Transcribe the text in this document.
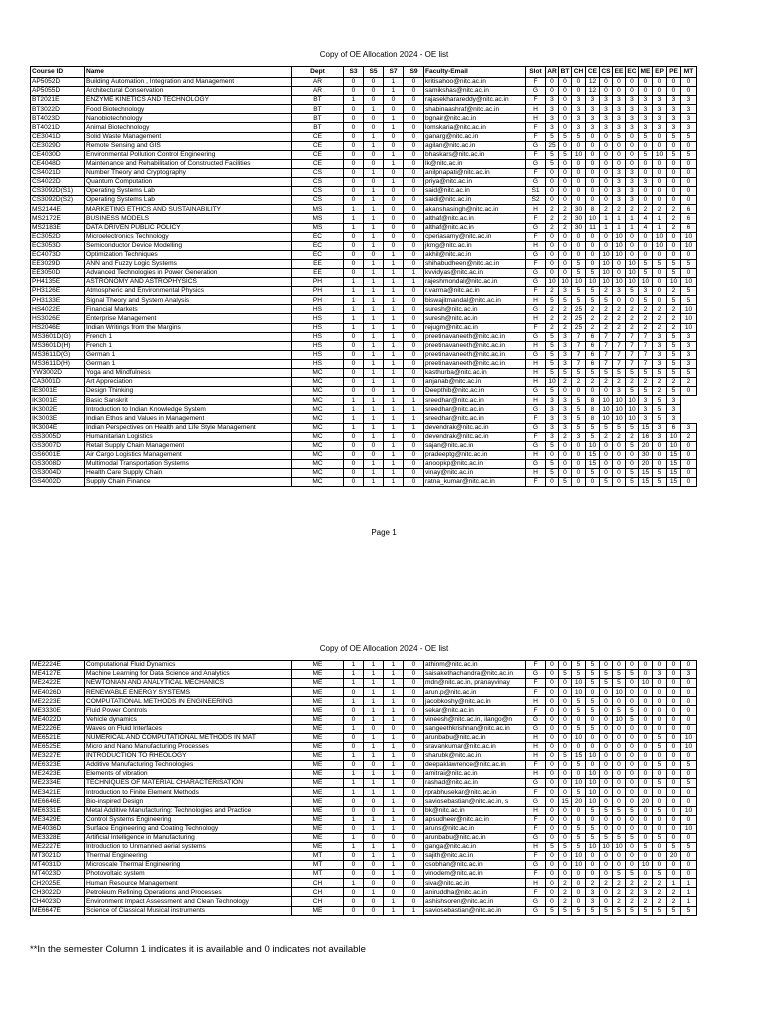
Copy of OE Allocation 2024 - OE list
Course ID	Name	Dept	S3	S5	S7	S9	Faculty-Email	Slot	AR	BT	CH	CE	CS	EE	EC	ME	EP	PE	MT
AP5052D	Building Automation , Integration and Management	AR	0	0	1	0	kritisahoo@nitc.ac.in	F	0	0	0	12	0	0	0	0	0	0	0
AP5055D	Architectural Conservation	AR	0	0	1	0	samikshas@nitc.ac.in	G	0	0	0	12	0	0	0	0	0	0	0
BT2021E	ENZYME KINETICS AND TECHNOLOGY	BT	1	0	0	0	rajasekharareddy@nitc.ac.in	F	3	0	3	3	3	3	3	3	3	3	3
BT3022D	Food Biotechnology	BT	0	1	0	0	shabinaashraf@nitc.ac.in	H	3	0	3	3	3	3	3	3	3	3	3
BT4023D	Nanobiotechnology	BT	0	0	1	0	bgnair@nitc.ac.in	H	3	0	3	3	3	3	3	3	3	3	3
BT4021D	Animal Biotechnology	BT	0	0	1	0	lomskaria@nitc.ac.in	F	3	0	3	3	3	3	3	3	3	3	3
CE3041D	Solid Waste Management	CE	0	1	0	0	ganarg@nitc.ac.in	F	5	5	5	0	0	5	0	5	0	5	5
CE3029D	Remote Sensing and GIS	CE	0	1	0	0	agilan@nitc.ac.in	G	25	0	0	0	0	0	0	0	0	0	0
CE4030D	Environmental Pollution Control Engineering	CE	0	0	1	0	bhaskars@nitc.ac.in	F	5	5	10	0	0	0	0	5	10	5	5
CE4048D	Maintenance and Rehabilitation of Constructed Facilities	CE	0	0	1	0	lk@nitc.ac.in	G	5	0	0	0	0	0	0	0	0	0	0
CS4021D	Number Theory and Cryptography	CS	0	1	0	0	anilpnapati@nitc.ac.in	F	0	0	0	0	0	3	3	0	0	0	0
CS4022D	Quantum Computation	CS	0	0	1	0	priya@nitc.ac.in	G	0	0	0	0	0	3	3	3	0	0	0
CS3092D(S1)	Operating Systems Lab	CS	0	1	0	0	said@nitc.ac.in	S1	0	0	0	0	0	3	3	0	0	0	0
CS3092D(S2)	Operating Systems Lab	CS	0	1	0	0	saidi@nitc.ac.in	S2	0	0	0	0	0	3	3	0	0	0	0
MS2144E	MARKETING ETHICS AND SUSTAINABILITY	MS	1	1	0	0	akanshasingh@nitc.ac.in	H	2	2	30	8	2	2	2	2	2	2	6
MS2172E	BUSINESS MODELS	MS	1	1	0	0	althaf@nitc.ac.in	F	2	2	30	10	1	1	1	4	1	2	6
MS2183E	DATA DRIVEN PUBLIC POLICY	MS	1	1	0	0	althaf@nitc.ac.in	G	2	2	30	11	1	1	1	4	1	2	6
EC3052D	Microelectronics Technology	EC	0	1	0	0	cperiasamy@nitc.ac.in	F	0	0	0	0	0	10	0	0	10	0	10
EC3053D	Semiconductor Device Modelling	EC	0	1	0	0	jkmg@nitc.ac.in	H	0	0	0	0	0	10	0	0	10	0	10
EC4073D	Optimization Techniques	EC	0	0	1	0	akhil@nitc.ac.in	G	0	0	0	0	10	10	0	0	0	0	0
EE3029D	ANN and Fuzzy Logic Systems	EE	0	1	1	0	shihabudheen@nitc.ac.in	F	0	0	5	0	10	0	10	5	5	5	5
EE3050D	Advanced Technologies in Power Generation	EE	0	1	1	1	kvvidyas@nitc.ac.in	G	0	0	5	5	10	0	10	5	0	5	0
PH4135E	ASTRONOMY AND ASTROPHYSICS	PH	1	1	1	1	rajeshmondal@nitc.ac.in	G	10	10	10	10	10	10	10	10	0	10	10
PH3126E	Atmospheric and Environmental Physics	PH	1	1	1	0	r.varma@nitc.ac.in	F	2	3	5	5	2	3	5	3	0	2	5
PH3133E	Signal Theory and System Analysis	PH	1	1	1	0	biswajitmandal@nitc.ac.in	H	5	5	5	5	5	0	0	5	0	5	5
HS4022E	Financial Markets	HS	1	1	1	0	suresh@nitc.ac.in	G	2	2	25	2	2	2	2	2	2	2	10
HS3026E	Enterprise Management	HS	1	1	1	0	suresh@nitc.ac.in	H	2	2	25	2	2	2	2	2	2	2	10
HS2046E	Indian Writings from the Margins	HS	1	1	1	0	rejugm@nitc.ac.in	F	2	2	25	2	2	2	2	2	2	2	10
MS3601D(G)	French 1	HS	0	1	1	0	preetinavaneeth@nitc.ac.in	G	5	3	7	6	7	7	7	7	3	5	3
MS3601D(H)	French 1	HS	0	1	1	0	preetinavaneeth@nitc.ac.in	H	5	3	7	6	7	7	7	7	3	5	3
MS3611D(G)	German 1	HS	0	1	1	0	preetinavaneeth@nitc.ac.in	G	5	3	7	6	7	7	7	7	3	5	3
MS3611D(H)	German 1	HS	0	1	1	0	preetinavaneeth@nitc.ac.in	H	5	3	7	6	7	7	7	7	3	5	3
YW3002D	Yoga and Mindfulness	MC	0	1	1	0	kasthurba@nitc.ac.in	H	5	5	5	5	5	5	5	5	5	5	5
CA3001D	Art Appreciation	MC	0	1	1	0	anjanab@nitc.ac.in	H	10	2	2	2	2	2	2	2	2	2	2
IE3001E	Design Thinking	MC	0	0	1	0	Deepthib@nitc.ac.in	G	5	0	0	0	0	3	5	5	2	5	0
IK3001E	Basic Sanskrit	MC	1	1	1	1	sreedhar@nitc.ac.in	H	3	3	5	8	10	10	10	3	5	3	
IK3002E	Introduction to Indian Knowledge System	MC	1	1	1	1	sreedhar@nitc.ac.in	G	3	3	5	8	10	10	10	3	5	3	
IK3003E	Indian Ethos and Values in Management	MC	1	1	1	1	sreedhar@nitc.ac.in	F	3	3	5	8	10	10	10	3	5	3	
IK3004E	Indian Perspectives on Health and Life Style Management	MC	1	1	1	1	devendrak@nitc.ac.in	G	3	3	5	5	5	5	5	15	3	6	3
GS3005D	Humanitarian Logistics	MC	0	1	1	0	devendrak@nitc.ac.in	F	3	2	3	5	2	2	2	16	3	10	2
GS3007D	Retail Supply Chain Management	MC	0	0	1	0	sajan@nitc.ac.in	G	5	0	0	10	0	0	5	20	0	10	0
GS6001E	Air Cargo Logistics Management	MC	0	0	1	0	pradeeptg@nitc.ac.in	H	0	0	0	15	0	0	0	30	0	15	0
GS3008D	Multimodal Transportation Systems	MC	0	1	1	0	anoopkp@nitc.ac.in	G	5	0	0	15	0	0	0	20	0	15	0
GS3004D	Health Care Supply Chain	MC	0	1	1	0	vinay@nitc.ac.in	H	5	0	0	5	0	0	5	15	5	15	0
GS4002D	Supply Chain Finance	MC	0	1	1	0	ratna_kumar@nitc.ac.in	F	0	5	0	0	5	0	5	15	5	15	0
Page 1
Copy of OE Allocation 2024 - OE list
ME2224E	Computational Fluid Dynamics	ME	1	1	1	0	athinm@nitc.ac.in	F	0	0	5	5	0	0	0	0	0	0	0
ME4127E	Machine Learning for Data Science and Analytics	ME	1	1	1	0	saisakethachandra@nitc.ac.in	G	0	5	5	5	5	5	5	0	3	0	3
ME2422E	NEWTONIAN AND ANALYTICAL MECHANICS	ME	1	1	1	0	mdn@nitc.ac.in, pranayvinay	F	0	0	10	5	5	5	0	10	0	0	0
ME4026D	RENEWABLE ENERGY SYSTEMS	ME	0	1	1	0	arun.p@nitc.ac.in	F	0	0	10	0	0	10	0	0	0	0	0
ME2223E	COMPUTATIONAL METHODS IN ENGINEERING	ME	1	1	1	0	jacobkoshy@nitc.ac.in	H	0	0	5	5	0	0	0	0	0	0	0
ME3330E	Fluid Power Controls	ME	0	1	1	0	sekar@nitc.ac.in	F	0	0	5	5	0	5	5	0	0	0	0
ME4022D	Vehicle dynamics	ME	0	1	1	0	vineesh@nitc.ac.in, ilango@n	G	0	0	0	0	0	10	5	0	0	0	0
ME2226E	Waves on Fluid Interfaces	ME	1	0	0	0	sangeethkrishnan@nitc.ac.in	G	0	0	5	5	0	0	0	0	0	0	0
ME6521E	NUMERICAL AND COMPUTATIONAL METHODS IN MAT	ME	0	1	1	0	arunbabu@nitc.ac.in	H	0	0	10	0	0	0	0	0	5	0	10
ME6525E	Micro and Nano Manufacturing Processes	ME	0	1	1	0	sravankumar@nitc.ac.in	H	0	0	0	0	0	0	0	0	5	0	10
ME3227E	INTRODUCTION TO RHEOLOGY	ME	1	1	1	0	sharubk@nitc.ac.in	H	0	5	15	10	0	0	0	0	0	0	0
ME6323E	Additive Manufacturing Technologies	ME	0	0	1	0	deepaklawrence@nitc.ac.in	F	0	0	5	0	0	0	0	0	5	0	5
ME2423E	Elements of vibration	ME	1	1	1	0	amitrai@nitc.ac.in	H	0	0	0	10	0	0	0	0	0	0	0
ME2334E	TECHNIQUES OF MATERIAL CHARACTERISATION	ME	1	1	1	0	rashad@nitc.ac.in	G	0	0	10	10	0	0	0	0	5	0	5
ME3421E	Introduction to Finite Element Methods	ME	1	1	1	0	rprabhusekar@nitc.ac.in	F	0	0	5	10	0	0	0	0	0	0	0
ME6646E	Bio-inspired Design	ME	0	0	1	0	saviosebastian@nitc.ac.in, s	G	0	15	20	10	0	0	0	20	0	0	0
ME6331E	Metal Additive Manufacturing: Technologies and Practice	ME	0	0	1	0	bk@nitc.ac.in	H	0	0	0	5	5	5	5	0	5	0	10
ME3429E	Control Systems Engineering	ME	1	1	1	0	apsudheer@nitc.ac.in	F	0	0	0	0	0	0	0	0	0	0	0
ME4036D	Surface Engineering and Coating Technology	ME	0	1	1	0	aruns@nitc.ac.in	F	0	0	5	5	0	0	0	0	0	0	10
ME3328E	Artificial Intelligence in Manufacturing	ME	1	0	0	0	arunbabu@nitc.ac.in	G	0	0	5	5	5	5	5	0	5	0	0
ME2227E	Introduction to Unmanned aerial systems	ME	1	1	1	0	ganga@nitc.ac.in	H	5	5	5	10	10	10	0	5	0	5	5
MT3021D	Thermal Engineering	MT	0	1	1	0	sajith@nitc.ac.in	F	0	0	10	0	0	0	0	0	0	20	0
MT4031D	Microscale Thermal Engineering	MT	0	0	1	0	csobhan@nitc.ac.in	G	0	0	10	0	0	0	0	10	0	0	0
MT4023D	Photovoltaic system	MT	0	0	1	0	vinodem@nitc.ac.in	F	0	0	0	0	0	5	5	0	5	0	0
CH2025E	Human Resource Management	CH	1	0	0	0	siva@nitc.ac.in	H	0	2	0	2	2	2	2	2	2	1	1
CH3022D	Petroleum Refining Operations and Processes	CH	0	1	0	0	aniruddha@nitc.ac.in	F	0	2	0	3	0	2	2	3	2	2	1
CH4023D	Environment Impact Assessment and Clean Technology	CH	0	0	1	0	ashishsoren@nitc.ac.in	G	0	2	0	3	0	2	2	2	2	2	1
ME6647E	Science of Classical Musical instruments	ME	0	0	1	1	saviosebastian@nitc.ac.in	G	5	5	5	5	5	5	5	5	5	5	5
**In the semester Column 1 indicates it is available and 0 indicates not available
